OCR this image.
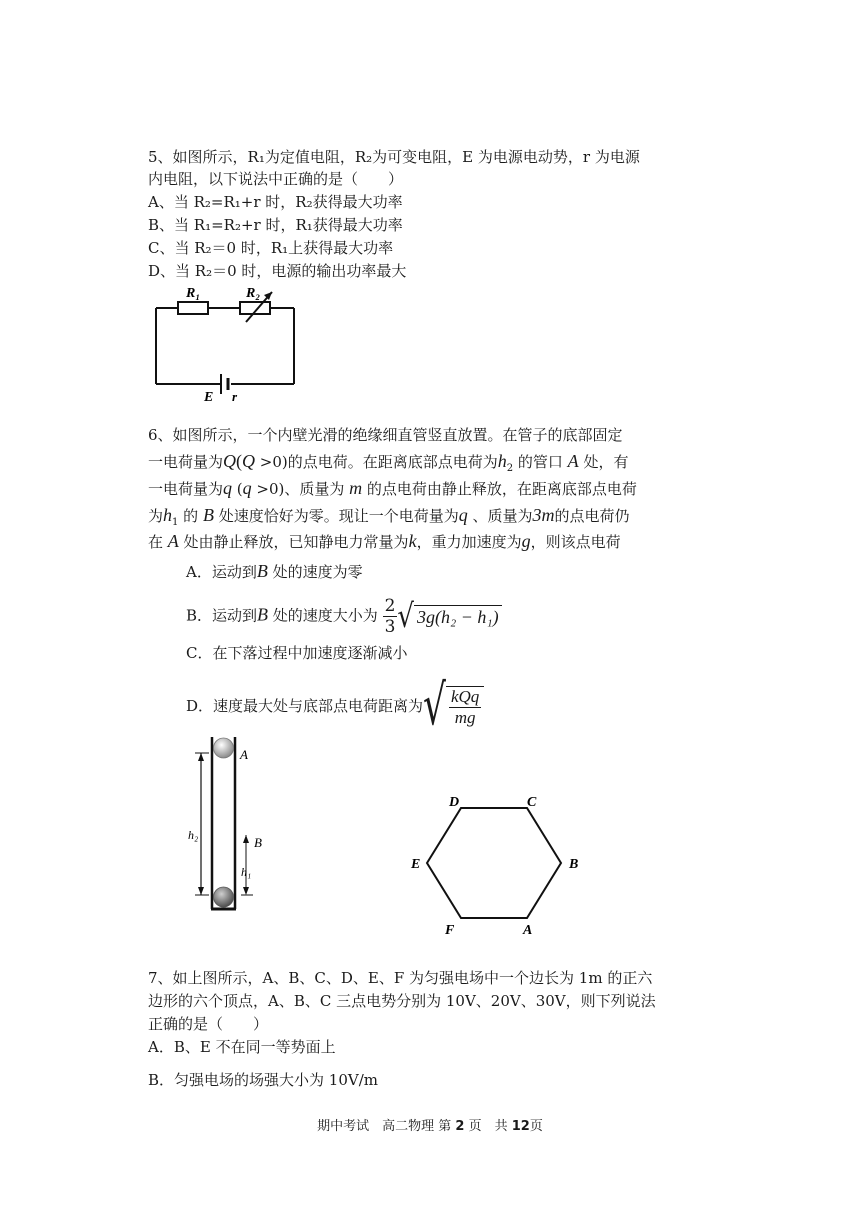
5、如图所示，R₁为定值电阻，R₂为可变电阻，E 为电源电动势，r 为电源
内电阻，以下说法中正确的是（　　）
A、当 R₂=R₁+r 时，R₂获得最大功率
B、当 R₁=R₂+r 时，R₁获得最大功率
C、当 R₂＝0 时，R₁上获得最大功率
D、当 R₂＝0 时，电源的输出功率最大
R₁	R₂
E r
6、如图所示，一个内壁光滑的绝缘细直管竖直放置。在管子的底部固定
一电荷量为Q(Q >0)的点电荷。在距离底部点电荷为$h_2$ 的管口 A 处，有
一电荷量为q (q >0)、质量为 m 的点电荷由静止释放，在距离底部点电荷
为$h_1$ 的 B 处速度恰好为零。现让一个电荷量为q 、质量为3m的点电荷仍
在 A 处由静止释放，已知静电力常量为k，重力加速度为g，则该点电荷
A．运动到B 处的速度为零
B．运动到B 处的速度大小为 $\frac{2}{3}$ √ 3g(h₂ − h₁)
C．在下落过程中加速度逐渐减小
D．速度最大处与底部点电荷距离为√ $\frac{\text{kQq}}{mg}$
A
B
h₂
h₁
D	C
E	B
F	A
7、如上图所示，A、B、C、D、E、F 为匀强电场中一个边长为 1m 的正六
边形的六个顶点，A、B、C 三点电势分别为 10V、20V、30V，则下列说法
正确的是（　　）
A．B、E 不在同一等势面上
B．匀强电场的场强大小为 10V/m
期中考试　高二物理 第 2 页　共 12页
